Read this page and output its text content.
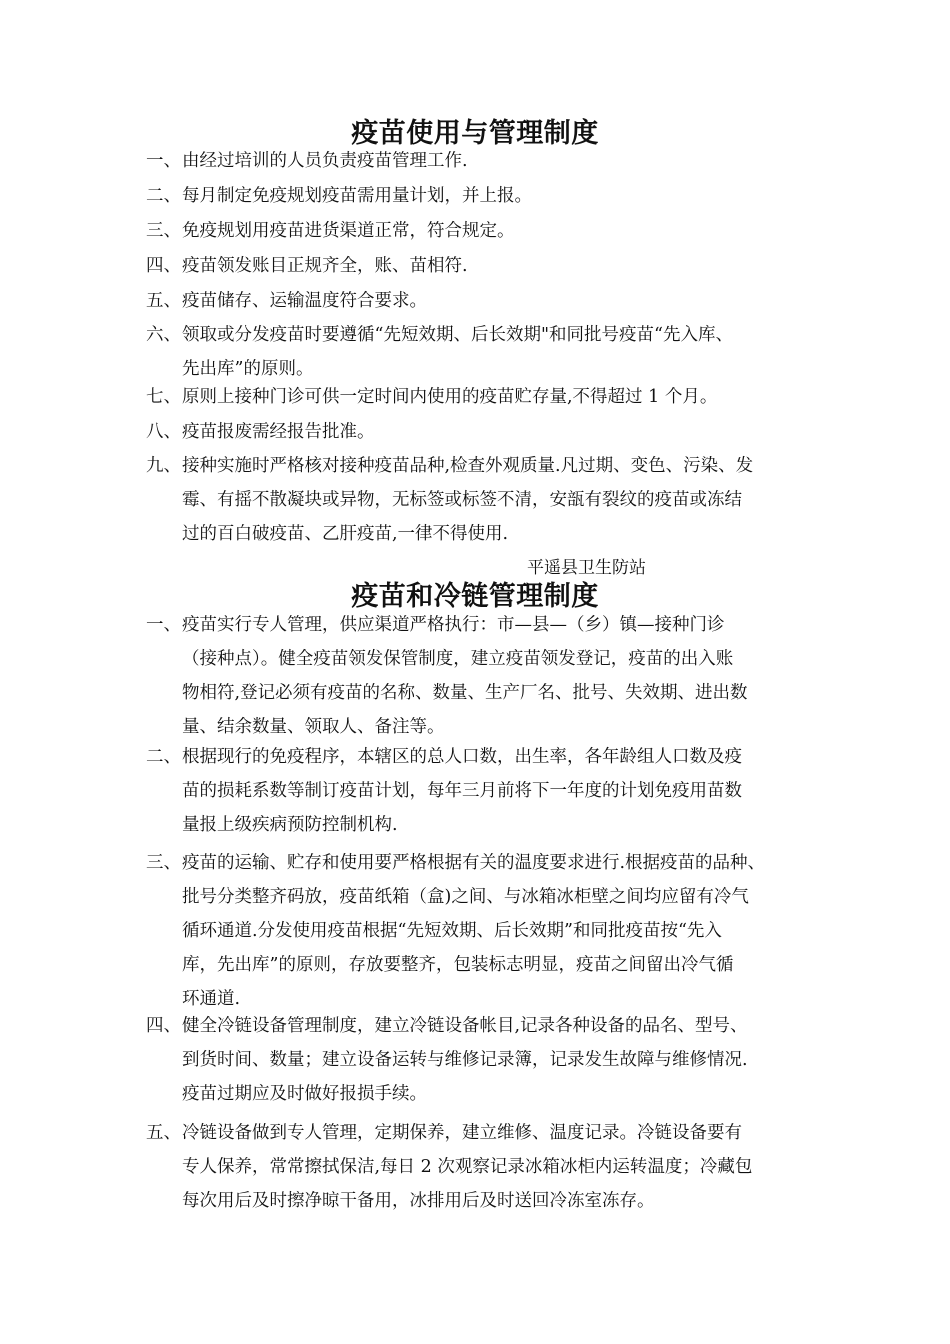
疫苗使用与管理制度
一、由经过培训的人员负责疫苗管理工作.
二、每月制定免疫规划疫苗需用量计划，并上报。
三、免疫规划用疫苗进货渠道正常，符合规定。
四、疫苗领发账目正规齐全，账、苗相符.
五、疫苗储存、运输温度符合要求。
六、领取或分发疫苗时要遵循“先短效期、后长效期"和同批号疫苗“先入库、
先出库”的原则。
七、原则上接种门诊可供一定时间内使用的疫苗贮存量,不得超过 1 个月。
八、疫苗报废需经报告批准。
九、接种实施时严格核对接种疫苗品种,检查外观质量.凡过期、变色、污染、发
霉、有摇不散凝块或异物，无标签或标签不清，安瓿有裂纹的疫苗或冻结
过的百白破疫苗、乙肝疫苗,一律不得使用.
平遥县卫生防站
疫苗和冷链管理制度
一、疫苗实行专人管理，供应渠道严格执行：市—县—（乡）镇—接种门诊
（接种点）。健全疫苗领发保管制度，建立疫苗领发登记，疫苗的出入账
物相符,登记必须有疫苗的名称、数量、生产厂名、批号、失效期、进出数
量、结余数量、领取人、备注等。
二、根据现行的免疫程序，本辖区的总人口数，出生率，各年龄组人口数及疫
苗的损耗系数等制订疫苗计划，每年三月前将下一年度的计划免疫用苗数
量报上级疾病预防控制机构.
三、疫苗的运输、贮存和使用要严格根据有关的温度要求进行.根据疫苗的品种、
批号分类整齐码放，疫苗纸箱（盒)之间、与冰箱冰柜壁之间均应留有冷气
循环通道.分发使用疫苗根据“先短效期、后长效期”和同批疫苗按“先入
库，先出库”的原则，存放要整齐，包装标志明显，疫苗之间留出冷气循
环通道.
四、健全冷链设备管理制度，建立冷链设备帐目,记录各种设备的品名、型号、
到货时间、数量；建立设备运转与维修记录簿，记录发生故障与维修情况.
疫苗过期应及时做好报损手续。
五、冷链设备做到专人管理，定期保养，建立维修、温度记录。冷链设备要有
专人保养，常常擦拭保洁,每日 2 次观察记录冰箱冰柜内运转温度；冷藏包
每次用后及时擦净晾干备用，冰排用后及时送回冷冻室冻存。
